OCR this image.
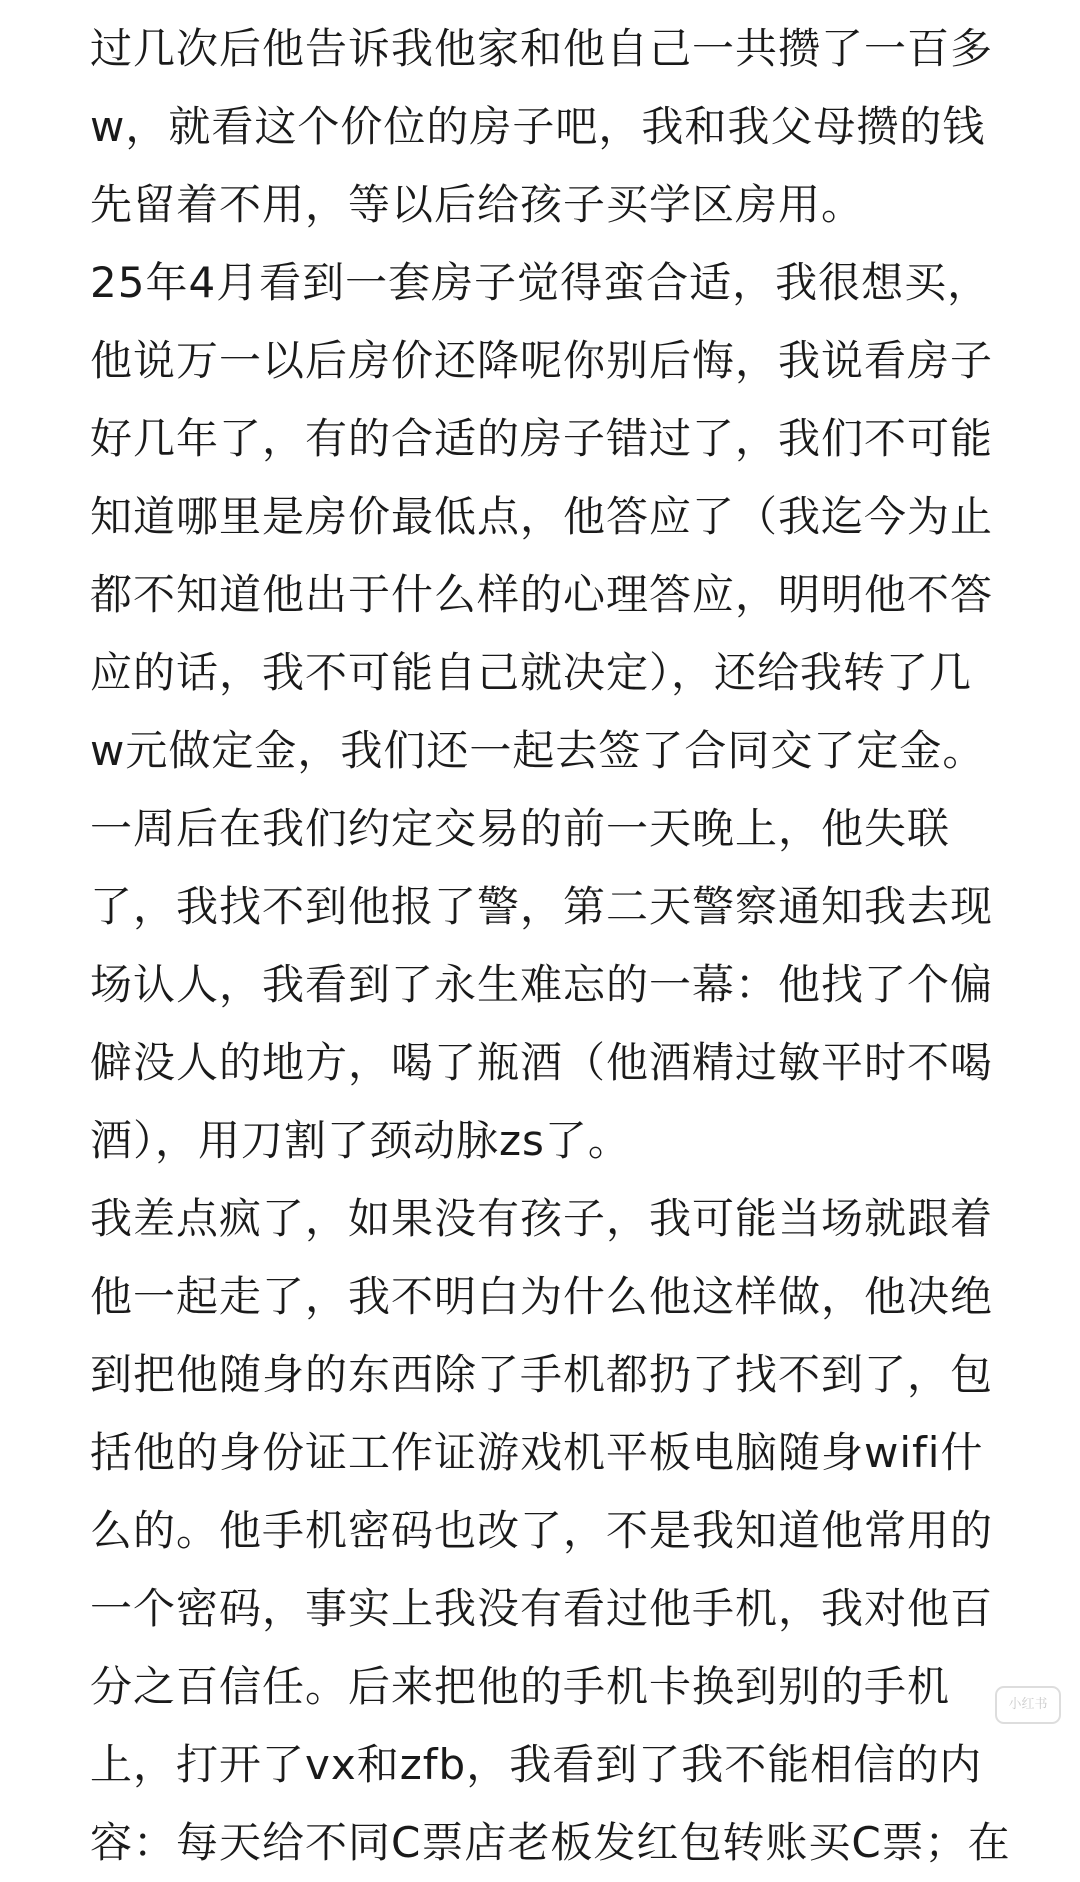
过几次后他告诉我他家和他自己一共攒了一百多
w，就看这个价位的房子吧，我和我父母攒的钱
先留着不用，等以后给孩子买学区房用。
25年4月看到一套房子觉得蛮合适，我很想买，
他说万一以后房价还降呢你别后悔，我说看房子
好几年了，有的合适的房子错过了，我们不可能
知道哪里是房价最低点，他答应了（我迄今为止
都不知道他出于什么样的心理答应，明明他不答
应的话，我不可能自己就决定），还给我转了几
w元做定金，我们还一起去签了合同交了定金。
一周后在我们约定交易的前一天晚上，他失联
了，我找不到他报了警，第二天警察通知我去现
场认人，我看到了永生难忘的一幕：他找了个偏
僻没人的地方，喝了瓶酒（他酒精过敏平时不喝
酒），用刀割了颈动脉zs了。
我差点疯了，如果没有孩子，我可能当场就跟着
他一起走了，我不明白为什么他这样做，他决绝
到把他随身的东西除了手机都扔了找不到了，包
括他的身份证工作证游戏机平板电脑随身wifi什
么的。他手机密码也改了，不是我知道他常用的
一个密码，事实上我没有看过他手机，我对他百
分之百信任。后来把他的手机卡换到别的手机
上，打开了vx和zfb，我看到了我不能相信的内
容：每天给不同C票店老板发红包转账买C票；在
小红书
